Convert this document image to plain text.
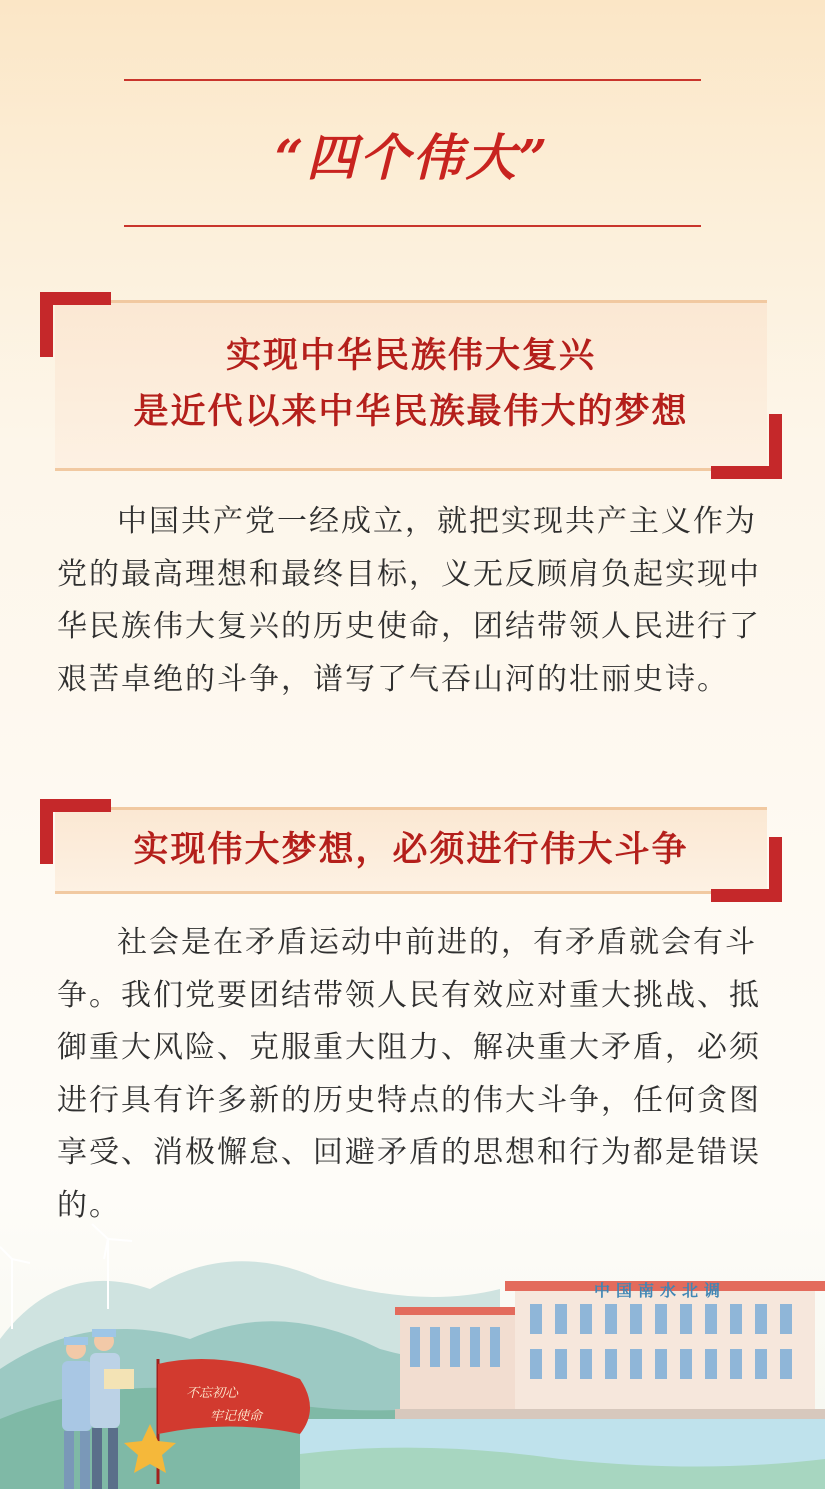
“四个伟大”
实现中华民族伟大复兴
是近代以来中华民族最伟大的梦想

中国共产党一经成立，就把实现共产主义作为党的最高理想和最终目标，义无反顾肩负起实现中华民族伟大复兴的历史使命，团结带领人民进行了艰苦卓绝的斗争，谱写了气吞山河的壮丽史诗。

实现伟大梦想，必须进行伟大斗争

社会是在矛盾运动中前进的，有矛盾就会有斗争。我们党要团结带领人民有效应对重大挑战、抵御重大风险、克服重大阻力、解决重大矛盾，必须进行具有许多新的历史特点的伟大斗争，任何贪图享受、消极懈怠、回避矛盾的思想和行为都是错误的。

不忘初心
牢记使命
中国南水北调
